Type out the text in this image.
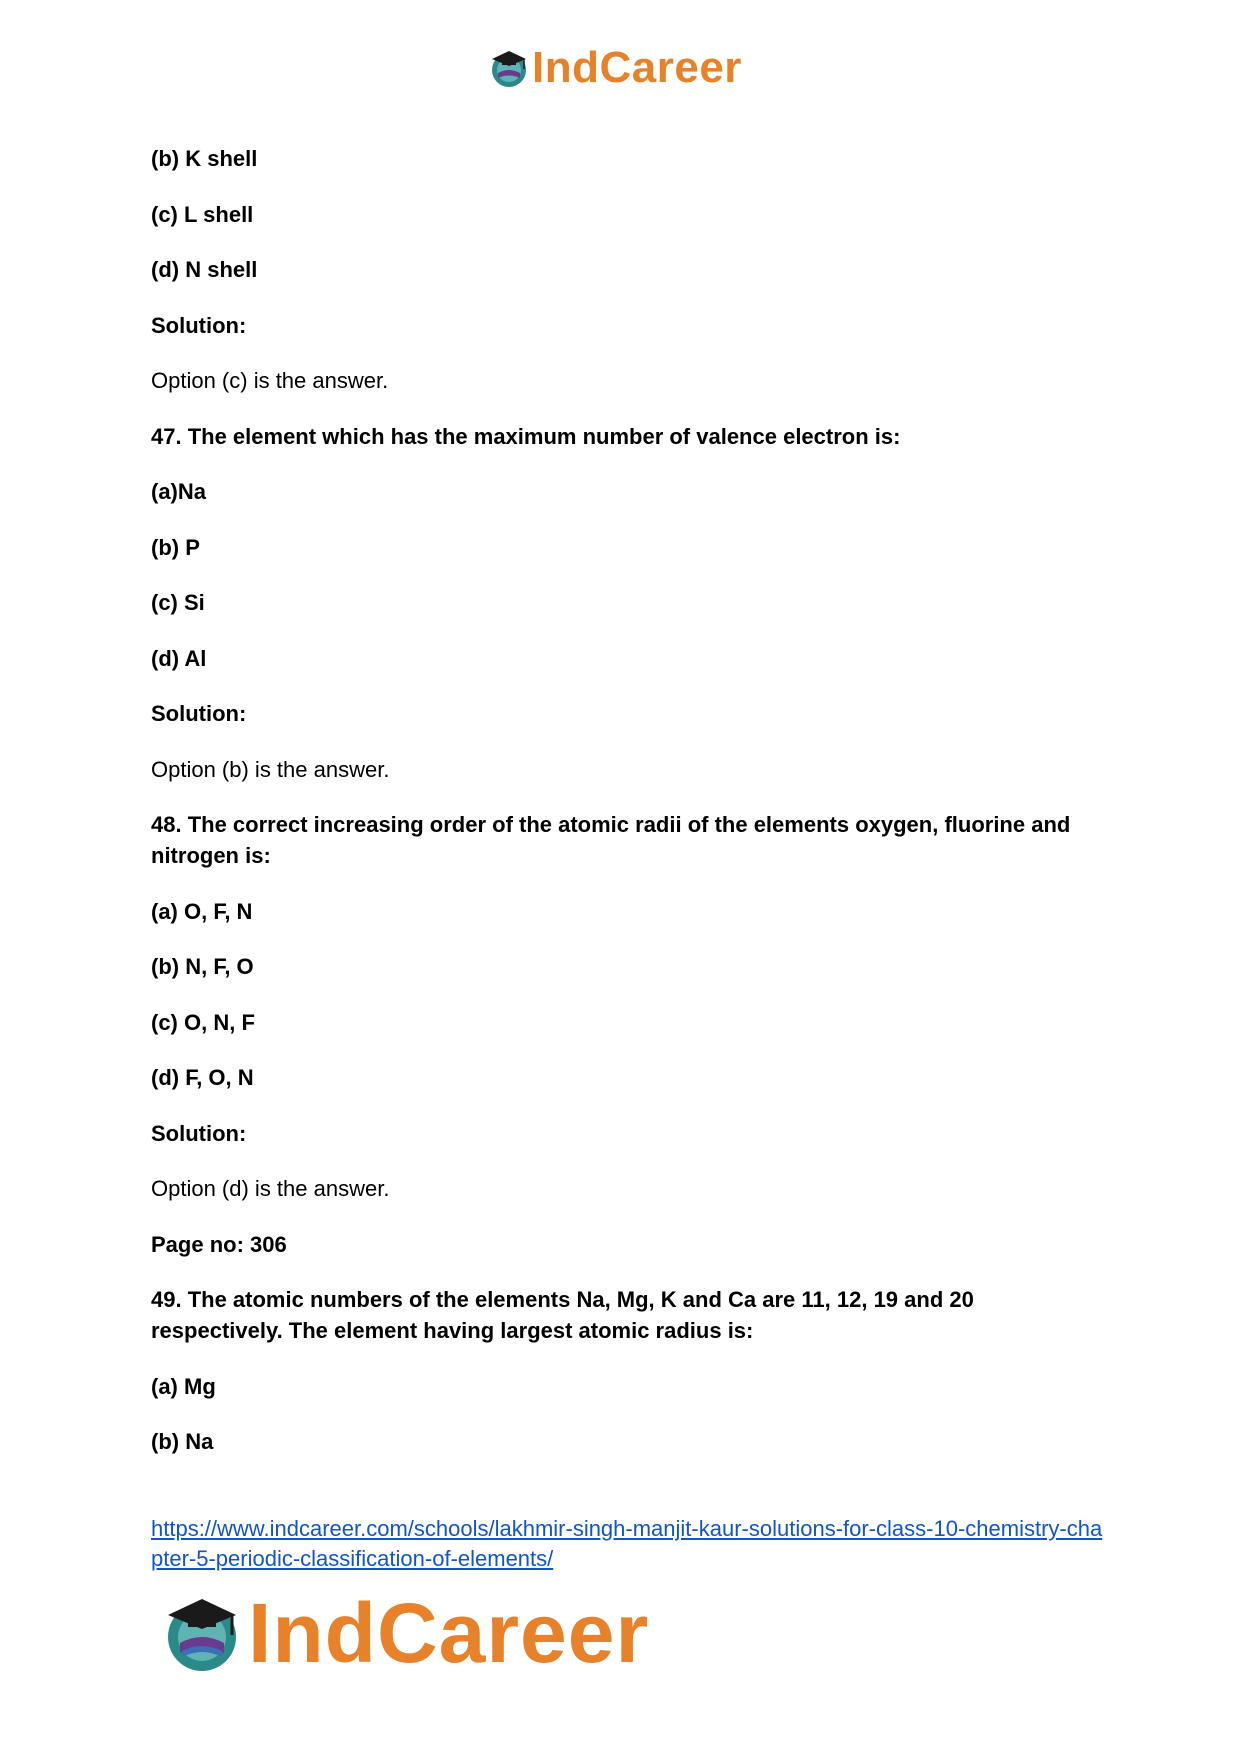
IndCareer

(b) K shell

(c) L shell

(d) N shell

Solution:

Option (c) is the answer.

47. The element which has the maximum number of valence electron is:

(a)Na

(b) P

(c) Si

(d) Al

Solution:

Option (b) is the answer.

48. The correct increasing order of the atomic radii of the elements oxygen, fluorine and nitrogen is:

(a) O, F, N

(b) N, F, O

(c) O, N, F

(d) F, O, N

Solution:

Option (d) is the answer.

Page no: 306

49. The atomic numbers of the elements Na, Mg, K and Ca are 11, 12, 19 and 20 respectively. The element having largest atomic radius is:

(a) Mg

(b) Na

https://www.indcareer.com/schools/lakhmir-singh-manjit-kaur-solutions-for-class-10-chemistry-chapter-5-periodic-classification-of-elements/
IndCareer
